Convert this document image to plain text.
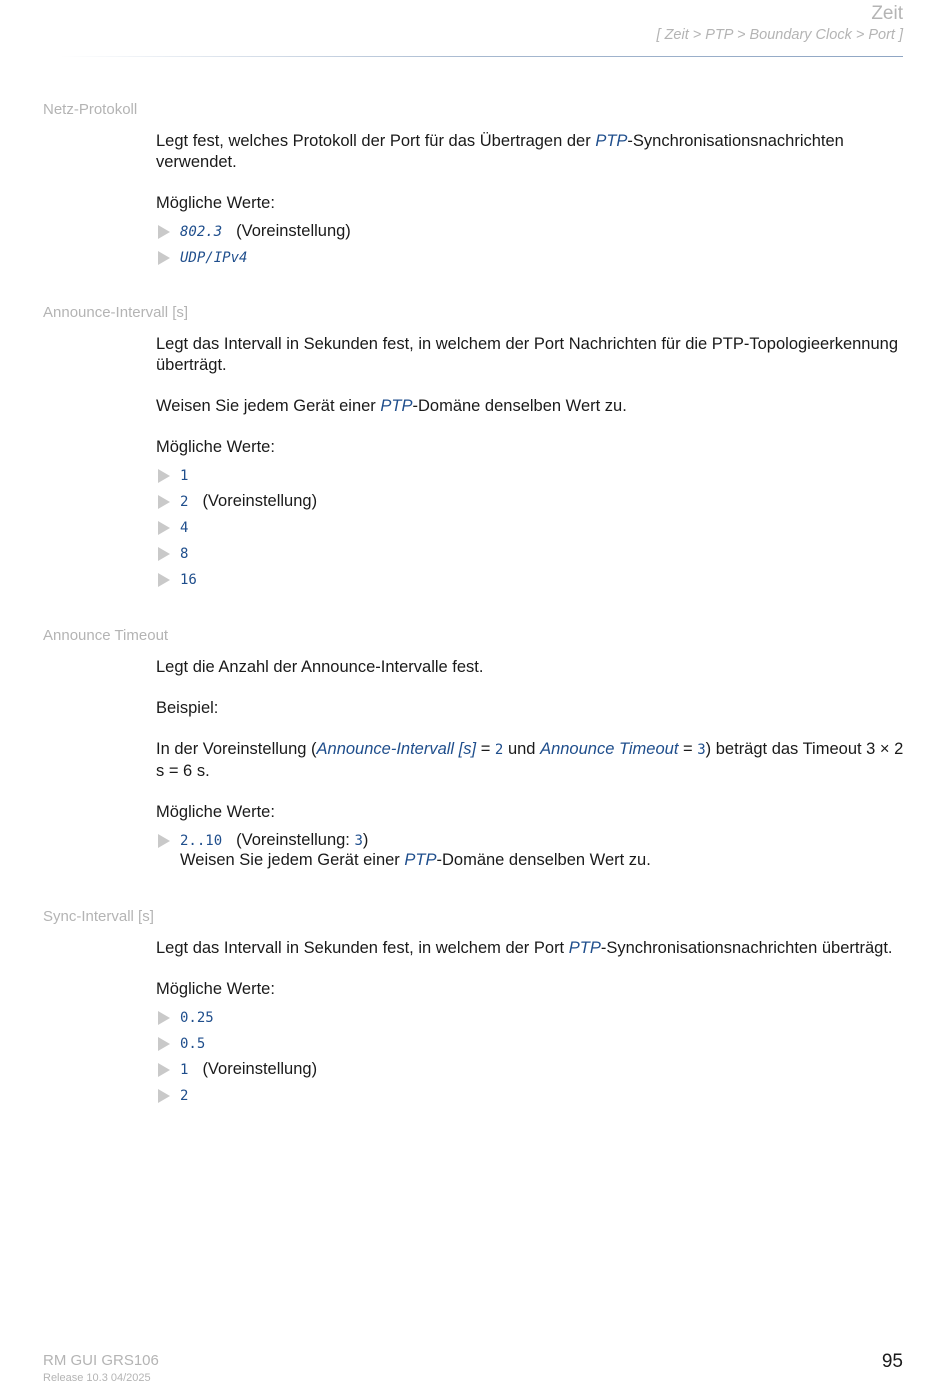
Zeit
[ Zeit > PTP > Boundary Clock > Port ]
Netz-Protokoll

Legt fest, welches Protokoll der Port für das Übertragen der PTP-Synchronisationsnachrichten verwendet.

Mögliche Werte:

802.3 (Voreinstellung)
UDP/IPv4
Announce-Intervall [s]

Legt das Intervall in Sekunden fest, in welchem der Port Nachrichten für die PTP-Topologieerkennung überträgt.

Weisen Sie jedem Gerät einer PTP-Domäne denselben Wert zu.

Mögliche Werte:

1
2 (Voreinstellung)
4
8
16
Announce Timeout

Legt die Anzahl der Announce-Intervalle fest.

Beispiel:

In der Voreinstellung (Announce-Intervall [s] = 2 und Announce Timeout = 3) beträgt das Timeout 3 × 2 s = 6 s.

Mögliche Werte:

2..10 (Voreinstellung: 3)
Weisen Sie jedem Gerät einer PTP-Domäne denselben Wert zu.
Sync-Intervall [s]

Legt das Intervall in Sekunden fest, in welchem der Port PTP-Synchronisationsnachrichten überträgt.

Mögliche Werte:

0.25
0.5
1 (Voreinstellung)
2
RM GUI GRS106
Release 10.3 04/2025
95
